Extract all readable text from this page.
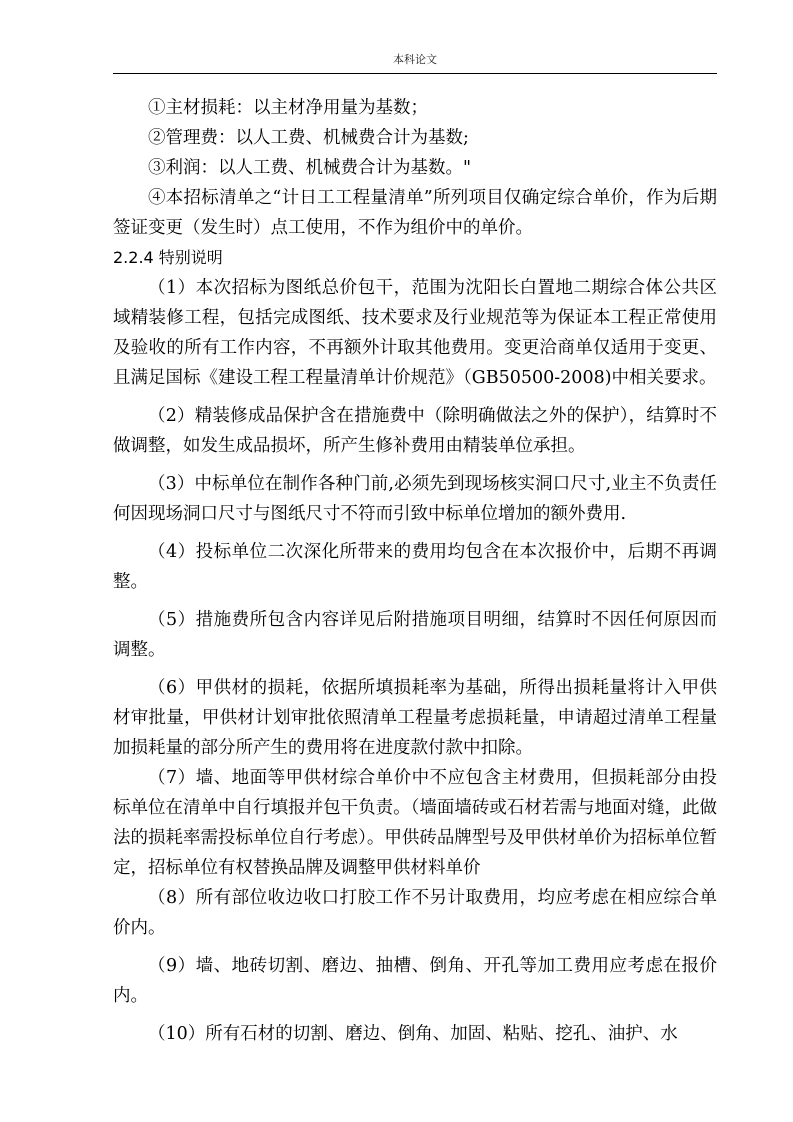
本科论文

①主材损耗：以主材净用量为基数；

②管理费：以人工费、机械费合计为基数;

③利润：以人工费、机械费合计为基数。"

④本招标清单之“计日工工程量清单”所列项目仅确定综合单价，作为后期签证变更（发生时）点工使用，不作为组价中的单价。

2.2.4 特别说明

（1）本次招标为图纸总价包干，范围为沈阳长白置地二期综合体公共区域精装修工程，包括完成图纸、技术要求及行业规范等为保证本工程正常使用及验收的所有工作内容，不再额外计取其他费用。变更洽商单仅适用于变更、且满足国标《建设工程工程量清单计价规范》（GB50500-2008)中相关要求。

（2）精装修成品保护含在措施费中（除明确做法之外的保护），结算时不做调整，如发生成品损坏，所产生修补费用由精装单位承担。

（3）中标单位在制作各种门前,必须先到现场核实洞口尺寸,业主不负责任何因现场洞口尺寸与图纸尺寸不符而引致中标单位增加的额外费用.

（4）投标单位二次深化所带来的费用均包含在本次报价中，后期不再调整。

（5）措施费所包含内容详见后附措施项目明细，结算时不因任何原因而调整。

（6）甲供材的损耗，依据所填损耗率为基础，所得出损耗量将计入甲供材审批量，甲供材计划审批依照清单工程量考虑损耗量，申请超过清单工程量加损耗量的部分所产生的费用将在进度款付款中扣除。

（7）墙、地面等甲供材综合单价中不应包含主材费用，但损耗部分由投标单位在清单中自行填报并包干负责。（墙面墙砖或石材若需与地面对缝，此做法的损耗率需投标单位自行考虑）。甲供砖品牌型号及甲供材单价为招标单位暂定，招标单位有权替换品牌及调整甲供材料单价

（8）所有部位收边收口打胶工作不另计取费用，均应考虑在相应综合单价内。

（9）墙、地砖切割、磨边、抽槽、倒角、开孔等加工费用应考虑在报价内。

（10）所有石材的切割、磨边、倒角、加固、粘贴、挖孔、油护、水
